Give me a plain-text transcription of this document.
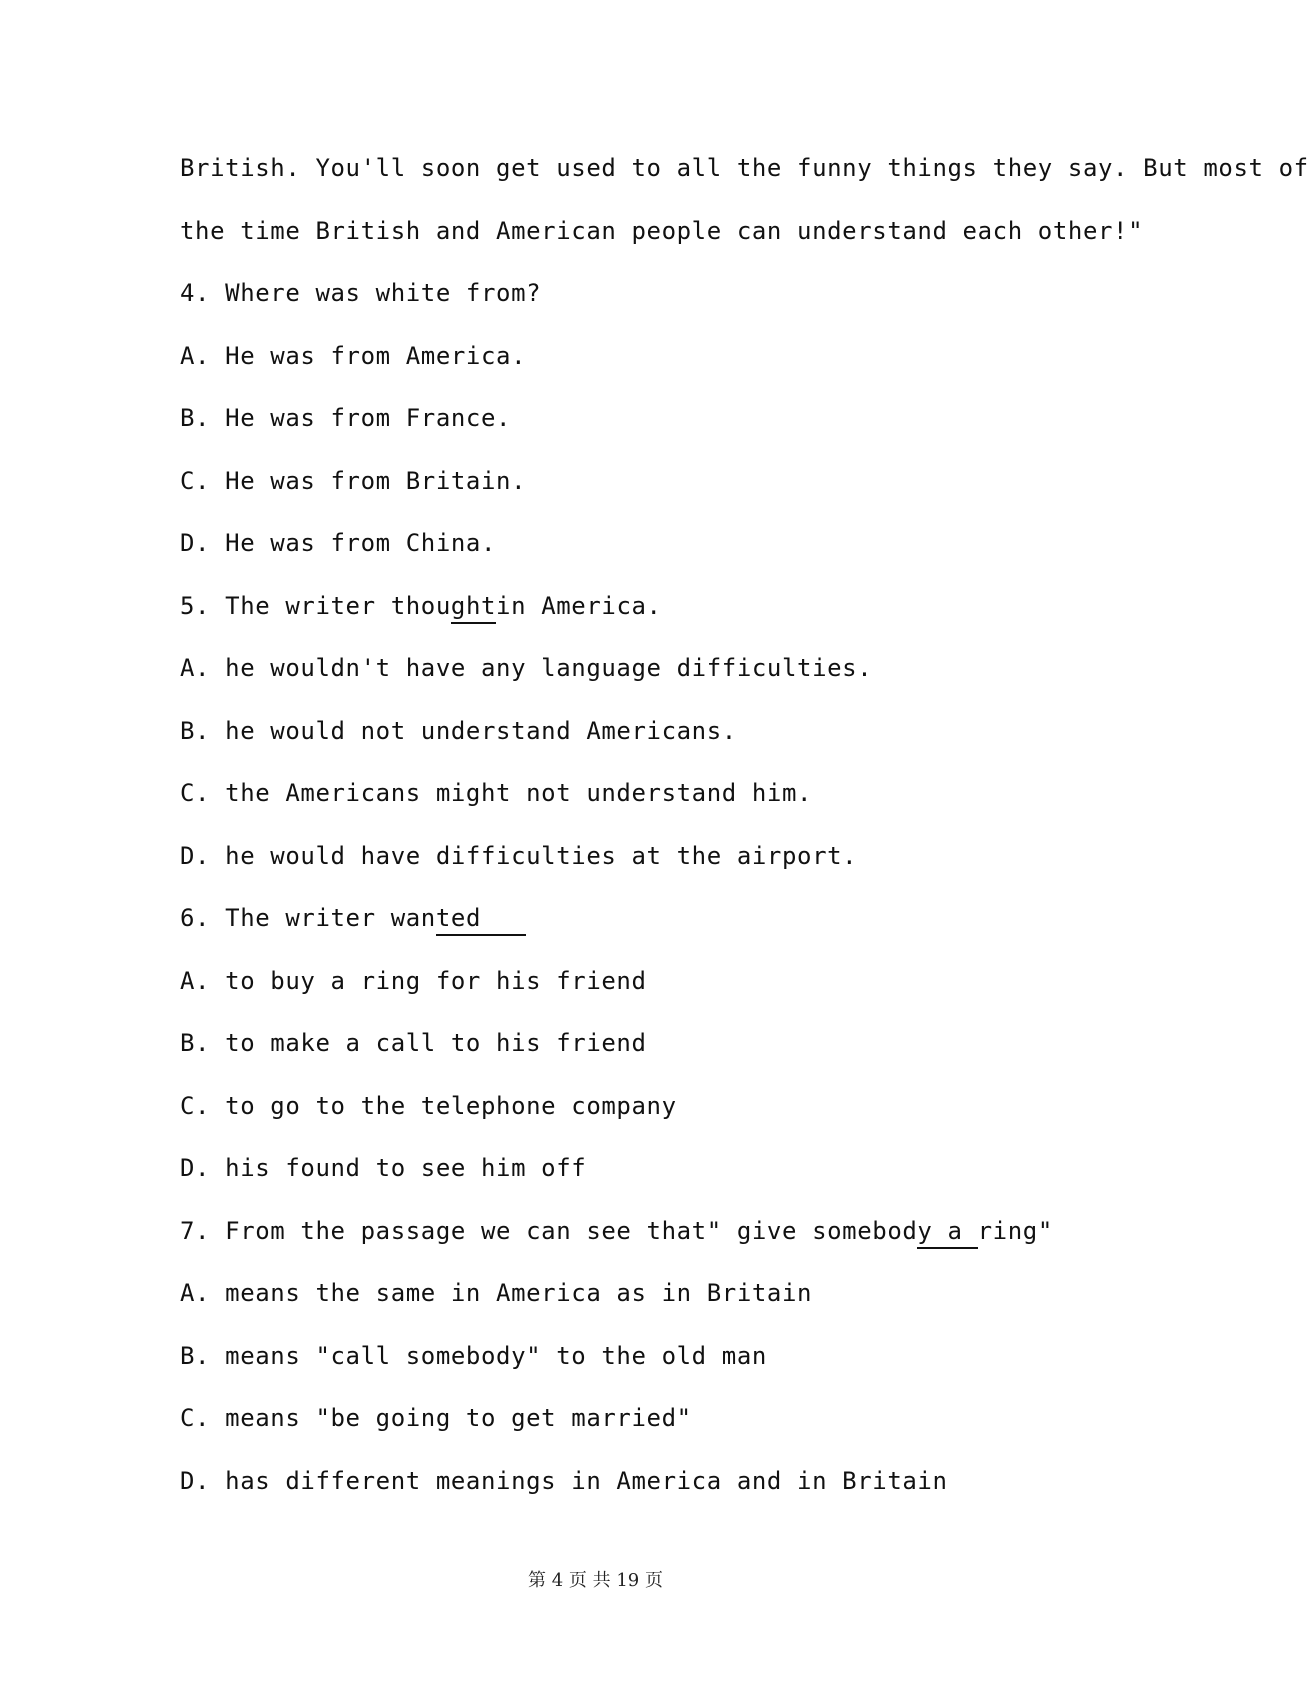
British. You'll soon get used to all the funny things they say. But most of
the time British and American people can understand each other!"
4. Where was white from?
A. He was from America.
B. He was from France.
C. He was from Britain.
D. He was from China.
5. The writer thoughtin America.
A. he wouldn't have any language difficulties.
B. he would not understand Americans.
C. the Americans might not understand him.
D. he would have difficulties at the airport.
6. The writer wanted
A. to buy a ring for his friend
B. to make a call to his friend
C. to go to the telephone company
D. his found to see him off
7. From the passage we can see that" give somebody a ring"
A. means the same in America as in Britain
B. means "call somebody" to the old man
C. means "be going to get married"
D. has different meanings in America and in Britain
第 4 页 共 19 页
